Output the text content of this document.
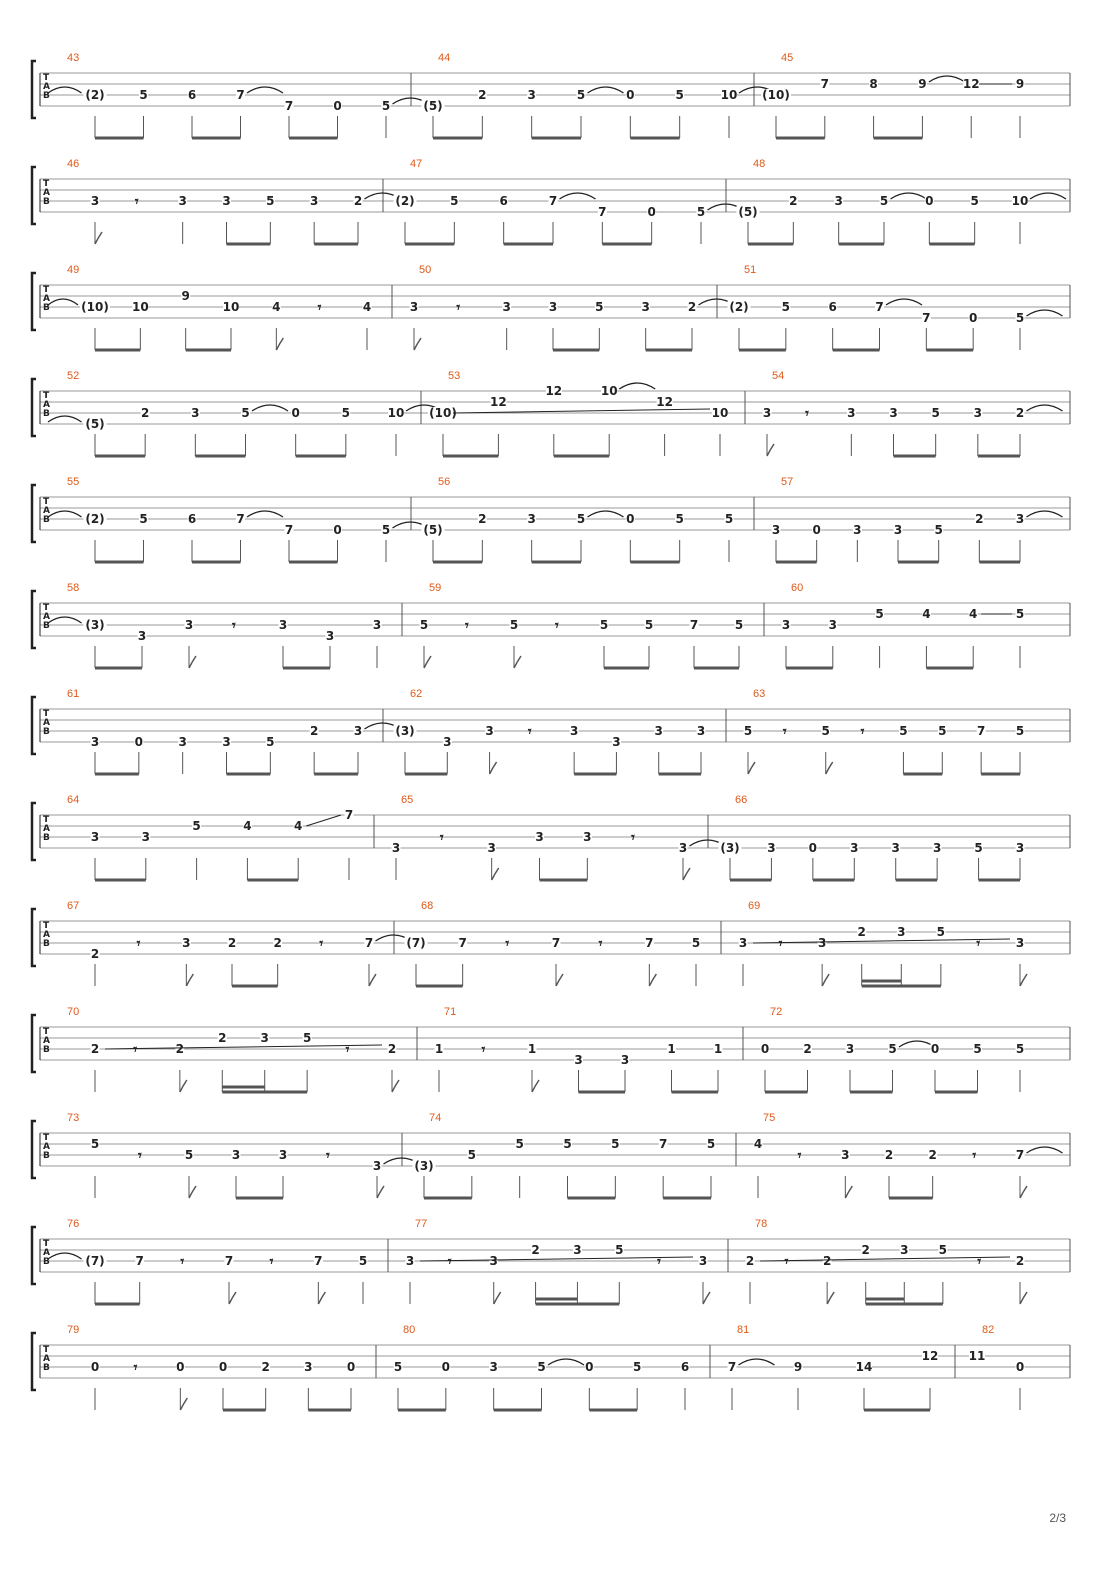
T
A
B
43
(2)	5	6	7
7	0	5
44
(5)
2	3	5	0	5	10
45
(10)
7	8	9	12	9
T
A
B
46
3	𝄾	3	3	5	3	2
47
(2)	5	6	7
7	0	5
48
(5)
2	3	5	0	5	10
T
A
B
49
(10) 10
9
10	4	𝄾	4
50
3	𝄾	3	3	5	3	2
51
(2)	5	6	7
7	0	5
T
A
B
52
(5)
2	3	5	0	5	10
53
(10)
12
12	10
12
10
54
3 𝄾	3	3	5	3	2
T
A
B
55
(2)	5	6	7
7	0	5
56
(5)
2	3	5	0	5	5
57
3	0	3	3	5
2	3
T
A
B
58
(3)
3
3	𝄾	3
3
3
59
5	𝄾	5	𝄾	5	5	7	5
60
3	3
5	4	4	5
T
A
B
61
3	0	3	3	5
2	3
62
(3)
3
3 𝄾	3
3
3	3
63
5 𝄾	5 𝄾	5	5	7	5
T
A
B
64
3	3
5	4	4
7
65
3
𝄾
3
3	3	𝄾
3
66
(3) 3	0	3	3	3	5	3
T
A
B
67
2
𝄾	3	2	2	𝄾	7
68
(7)	7	𝄾	7	𝄾	7	5
69
3 𝄾	3
2	3	5
𝄾	3
T
A
B
70
2 𝄾	2
2	3	5
𝄾	2
71
1	𝄾	1
3	3
1	1
72
0	2	3	5	0	5	5
T
A
B
73
5
𝄾	5	3	3	𝄾
3
74
(3)
5
5	5	5	7	5
75
4
𝄾	3	2	2	𝄾	7
T
A
B
76
(7)	7	𝄾	7	𝄾	7	5
77
3 𝄾	3
2	3	5
𝄾	3
78
2 𝄾	2
2	3	5
𝄾	2
T
A
B
79
0 𝄾	0	0	2	3	0
80
5	0	3	5	0	5	6
81
7	9	14
12
82
11
0
2/3
